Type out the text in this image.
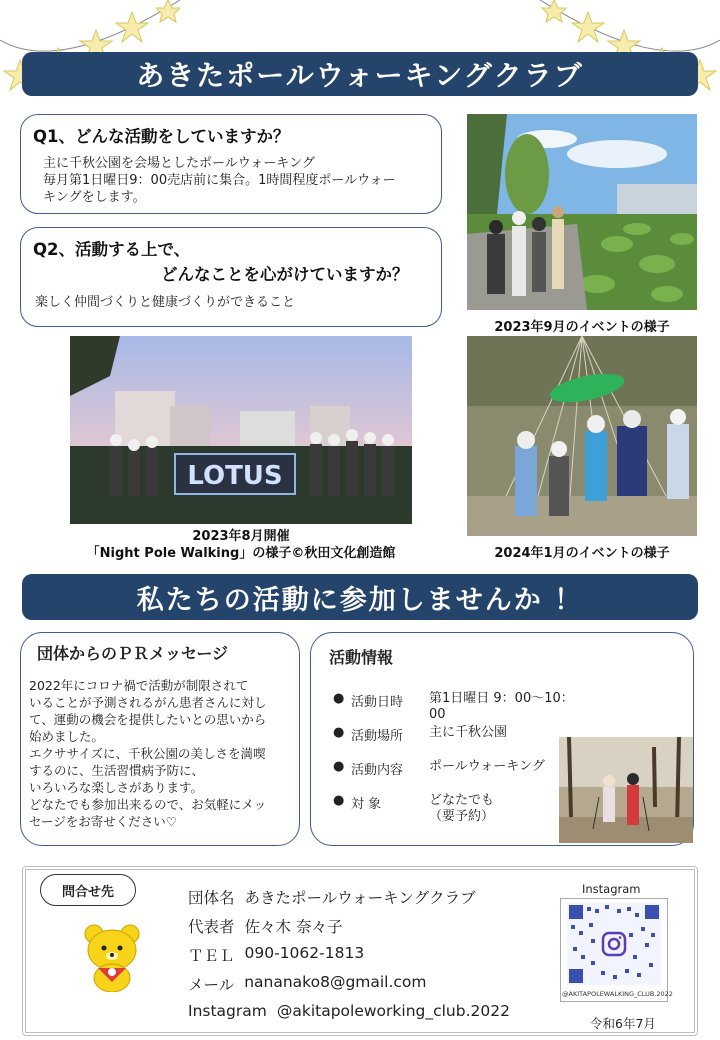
あきたポールウォーキングクラブ
Q1、どんな活動をしていますか？
主に千秋公園を会場としたポールウォーキング
毎月第1日曜日9：00売店前に集合。1時間程度ポールウォー
キングをします。
Q2、活動する上で、
どんなことを心がけていますか？
楽しく仲間づくりと健康づくりができること
2023年9月のイベントの様子
LOTUS
2023年8月開催
「Night Pole Walking」の様子©秋田文化創造館	2024年1月のイベントの様子
私たちの活動に参加しませんか ！
団体からのＰＲメッセージ
2022年にコロナ禍で活動が制限されて
いることが予測されるがん患者さんに対し
て、運動の機会を提供したいとの思いから
始めました。
エクササイズに、千秋公園の美しさを満喫
するのに、生活習慣病予防に、
いろいろな楽しさがあります。
どなたでも参加出来るので、お気軽にメッ
セージをお寄せください♡
活動情報
● 活動日時	第1日曜日 9：00～10：00
● 活動場所	主に千秋公園
● 活動内容	ポールウォーキング
● 対 象	どなたでも
（要予約）
問合せ先	団体名 あきたポールウォーキングクラブ
代表者 佐々木 奈々子
ＴＥＬ 090-1062-1813
メール nananako8@gmail.com
Instagram @akitapoleworking_club.2022
Instagram
@AKITAPOLEWALKING_CLUB.2022
令和6年7月
